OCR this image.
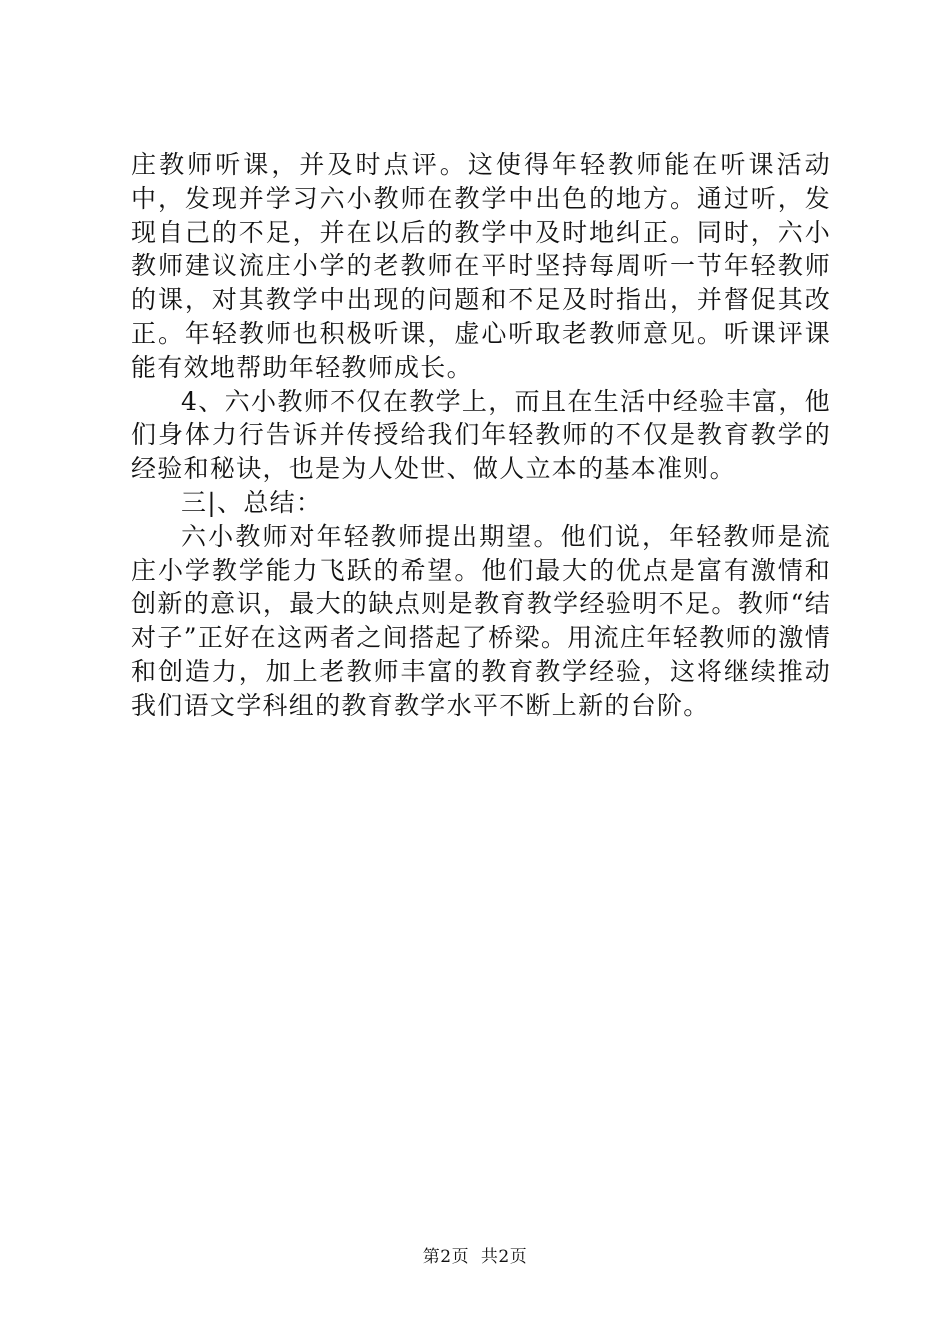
庄教师听课，并及时点评。这使得年轻教师能在听课活动中，发现并学习六小教师在教学中出色的地方。通过听，发现自己的不足，并在以后的教学中及时地纠正。同时，六小教师建议流庄小学的老教师在平时坚持每周听一节年轻教师的课，对其教学中出现的问题和不足及时指出，并督促其改正。年轻教师也积极听课，虚心听取老教师意见。听课评课能有效地帮助年轻教师成长。

4、六小教师不仅在教学上，而且在生活中经验丰富，他们身体力行告诉并传授给我们年轻教师的不仅是教育教学的经验和秘诀，也是为人处世、做人立本的基本准则。

三|、总结：

六小教师对年轻教师提出期望。他们说，年轻教师是流庄小学教学能力飞跃的希望。他们最大的优点是富有激情和创新的意识，最大的缺点则是教育教学经验明不足。教师“结对子”正好在这两者之间搭起了桥梁。用流庄年轻教师的激情和创造力，加上老教师丰富的教育教学经验，这将继续推动我们语文学科组的教育教学水平不断上新的台阶。

第2页 共2页
